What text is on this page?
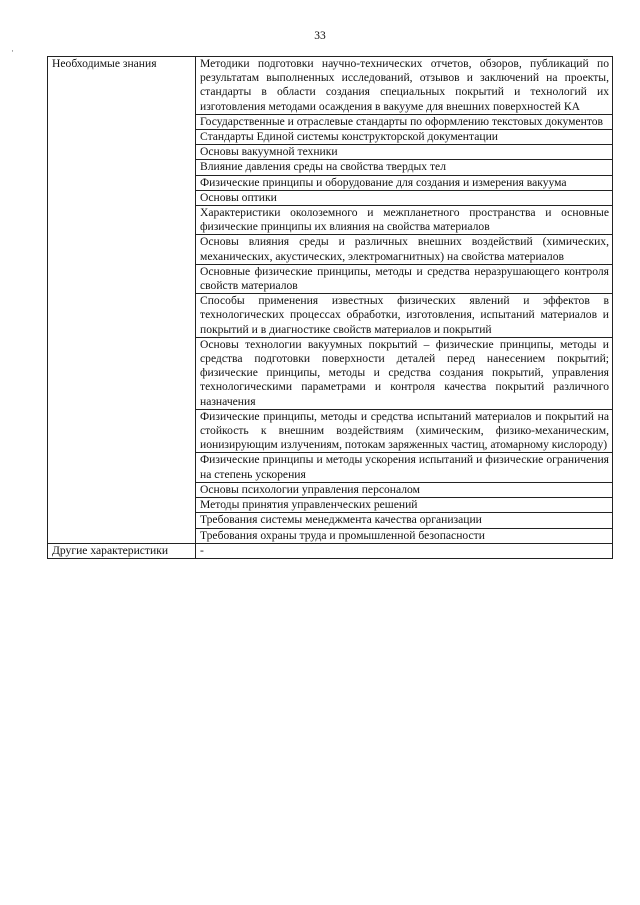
33
·
Необходимые знания	Методики подготовки научно-технических отчетов, обзоров, публикаций по результатам выполненных исследований, отзывов и заключений на проекты, стандарты в области создания специальных покрытий и технологий их изготовления методами осаждения в вакууме для внешних поверхностей КА
	Государственные и отраслевые стандарты по оформлению текстовых документов
	Стандарты Единой системы конструкторской документации
	Основы вакуумной техники
	Влияние давления среды на свойства твердых тел
	Физические принципы и оборудование для создания и измерения вакуума
	Основы оптики
	Характеристики околоземного и межпланетного пространства и основные физические принципы их влияния на свойства материалов
	Основы влияния среды и различных внешних воздействий (химических, механических, акустических, электромагнитных) на свойства материалов
	Основные физические принципы, методы и средства неразрушающего контроля свойств материалов
	Способы применения известных физических явлений и эффектов в технологических процессах обработки, изготовления, испытаний материалов и покрытий и в диагностике свойств материалов и покрытий
	Основы технологии вакуумных покрытий – физические принципы, методы и средства подготовки поверхности деталей перед нанесением покрытий; физические принципы, методы и средства создания покрытий, управления технологическими параметрами и контроля качества покрытий различного назначения
	Физические принципы, методы и средства испытаний материалов и покрытий на стойкость к внешним воздействиям (химическим, физико-механическим, ионизирующим излучениям, потокам заряженных частиц, атомарному кислороду)
	Физические принципы и методы ускорения испытаний и физические ограничения на степень ускорения
	Основы психологии управления персоналом
	Методы принятия управленческих решений
	Требования системы менеджмента качества организации
	Требования охраны труда и промышленной безопасности
Другие характеристики	-
